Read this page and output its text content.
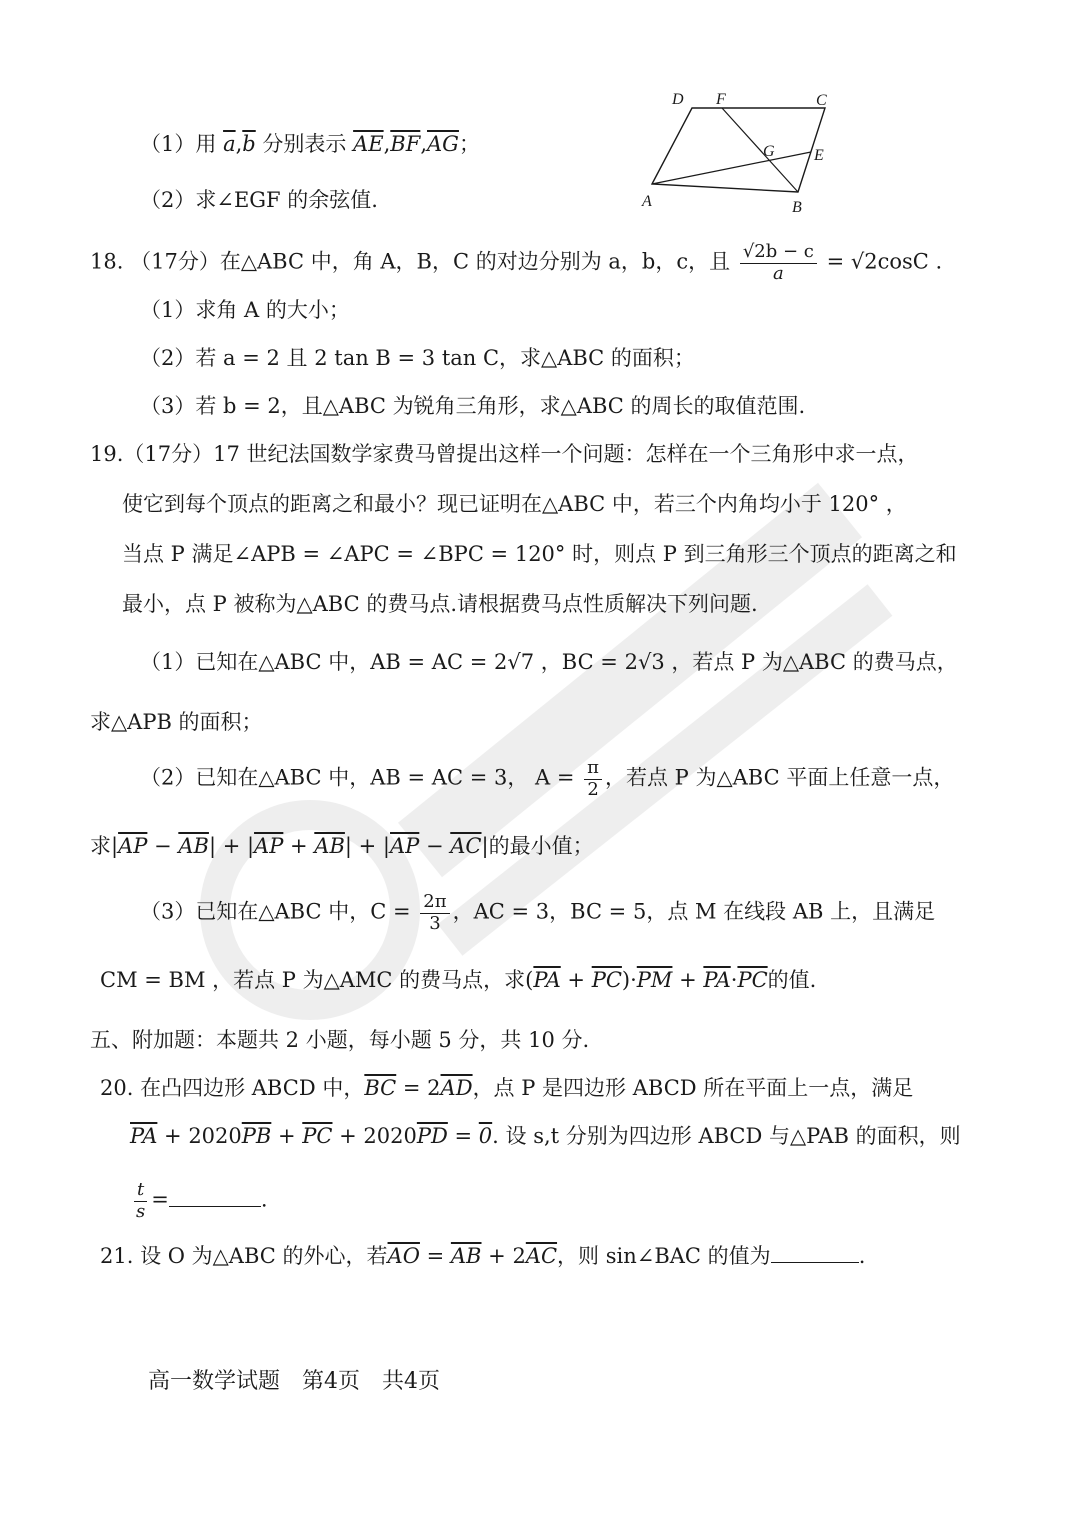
（1）用 $\overline{a},\overline{b}$ 分别表示 $\overline{AE},\overline{BF},\overline{AG}$；
（2）求∠EGF 的余弦值.
D F	C
G E
A	B
18. （17分）在△ABC 中，角 A，B，C 的对边分别为 a，b，c，且 $\frac{√2b - c}{a} = √2\cos C$ .
（1）求角 A 的大小；
（2）若 a = 2 且 2 tan B = 3 tan C，求△ABC 的面积；
（3）若 b = 2，且△ABC 为锐角三角形，求△ABC 的周长的取值范围.
19.（17分）17 世纪法国数学家费马曾提出这样一个问题：怎样在一个三角形中求一点，
使它到每个顶点的距离之和最小？现已证明在△ABC 中，若三个内角均小于 120° ，
当点 P 满足∠APB = ∠APC = ∠BPC = 120° 时，则点 P 到三角形三个顶点的距离之和
最小，点 P 被称为△ABC 的费马点.请根据费马点性质解决下列问题.
（1）已知在△ABC 中，AB = AC = 2√7 ，BC = 2√3 ，若点 P 为△ABC 的费马点，
求△APB 的面积；
（2）已知在△ABC 中，AB = AC = 3， $A = \frac{\pi}{2}$ ，若点 P 为△ABC 平面上任意一点，
求$|\overline{AP} - \overline{AB}| + |\overline{AP} + \overline{AB}| + |\overline{AP} - \overline{AC}|$的最小值；
（3）已知在△ABC 中，$C = \frac{2\pi}{3}$ ，AC = 3，BC = 5，点 M 在线段 AB 上，且满足
CM = BM ，若点 P 为△AMC 的费马点，求$(\overline{PA} + \overline{PC})\cdot\overline{PM} + \overline{PA}\cdot\overline{PC}$的值.
五、附加题：本题共 2 小题，每小题 5 分，共 10 分.
20. 在凸四边形 ABCD 中，$\overline{BC} = 2\overline{AD}$，点 P 是四边形 ABCD 所在平面上一点，满足
$\overline{PA} + 2020\overline{PB} + \overline{PC} + 2020\overline{PD} = 0$. 设 s,t 分别为四边形 ABCD 与△PAB 的面积，则
$\frac{t}{s}$ =	.
21. 设 O 为△ABC 的外心，若$\overline{AO} = \overline{AB} + 2\overline{AC}$，则 sin∠BAC 的值为	.
高一数学试题　第4页　共4页
